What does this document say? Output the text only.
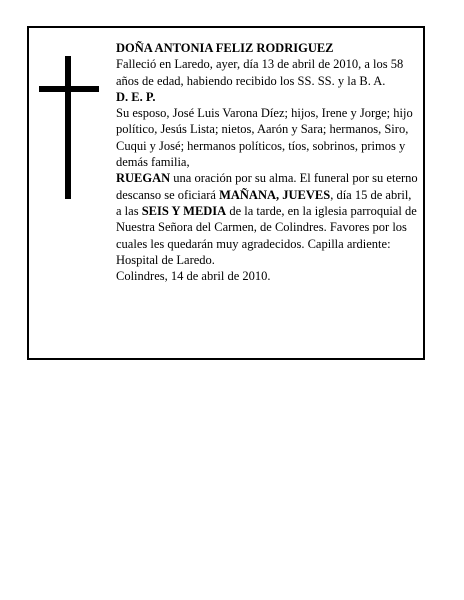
DOÑA ANTONIA FELIZ RODRIGUEZ

Falleció en Laredo, ayer, día 13 de abril de 2010, a los 58 años de edad, habiendo recibido los SS. SS. y la B. A.

D. E. P.

Su esposo, José Luis Varona Díez; hijos, Irene y Jorge; hijo político, Jesús Lista; nietos, Aarón y Sara; hermanos, Siro, Cuqui y José; hermanos políticos, tíos, sobrinos, primos y demás familia,

RUEGAN una oración por su alma. El funeral por su eterno descanso se oficiará MAÑANA, JUEVES, día 15 de abril, a las SEIS Y MEDIA de la tarde, en la iglesia parroquial de Nuestra Señora del Carmen, de Colindres. Favores por los cuales les quedarán muy agradecidos. Capilla ardiente: Hospital de Laredo.

Colindres, 14 de abril de 2010.
